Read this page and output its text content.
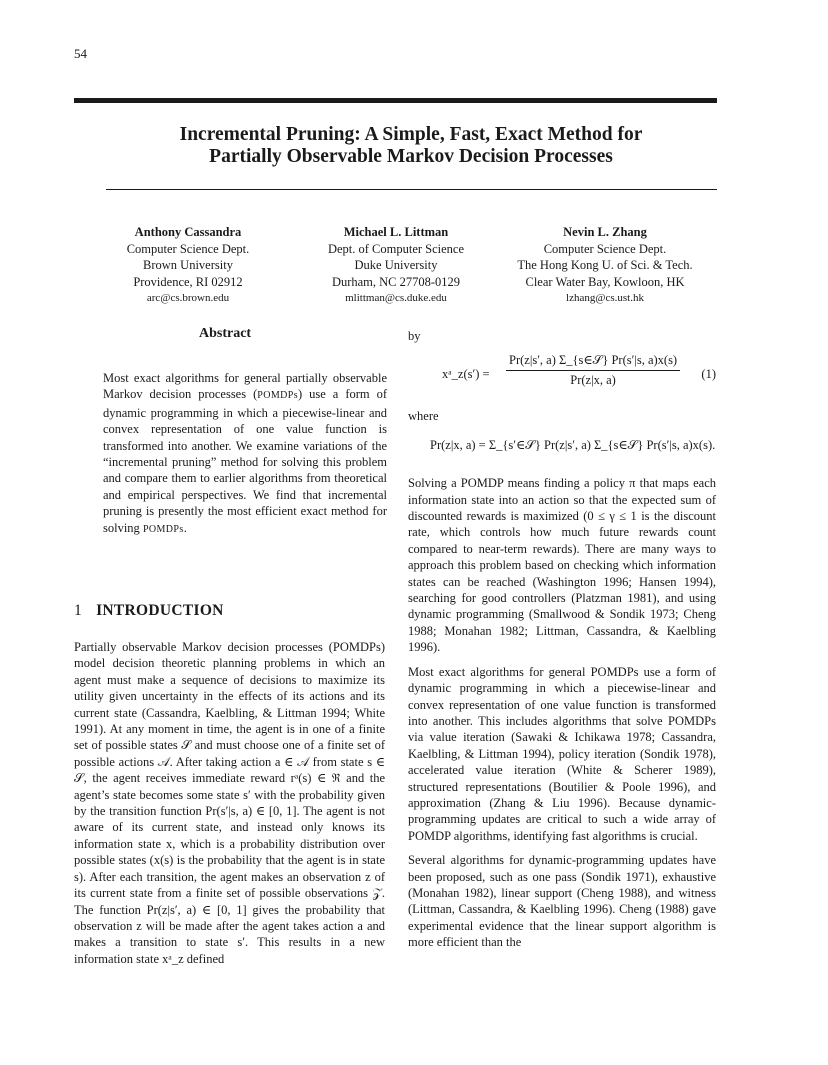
54
Incremental Pruning: A Simple, Fast, Exact Method for
Partially Observable Markov Decision Processes
Anthony Cassandra
Computer Science Dept.
Brown University
Providence, RI 02912
arc@cs.brown.edu
Michael L. Littman
Dept. of Computer Science
Duke University
Durham, NC 27708-0129
mlittman@cs.duke.edu
Nevin L. Zhang
Computer Science Dept.
The Hong Kong U. of Sci. & Tech.
Clear Water Bay, Kowloon, HK
lzhang@cs.ust.hk
Abstract

Most exact algorithms for general partially observable Markov decision processes (POMDPs) use a form of dynamic programming in which a piecewise-linear and convex representation of one value function is transformed into another. We examine variations of the “incremental pruning” method for solving this problem and compare them to earlier algorithms from theoretical and empirical perspectives. We find that incremental pruning is presently the most efficient exact method for solving POMDPs.

1 INTRODUCTION

Partially observable Markov decision processes (POMDPs) model decision theoretic planning problems in which an agent must make a sequence of decisions to maximize its utility given uncertainty in the effects of its actions and its current state (Cassandra, Kaelbling, & Littman 1994; White 1991). At any moment in time, the agent is in one of a finite set of possible states 𝒮 and must choose one of a finite set of possible actions 𝒜. After taking action a ∈ 𝒜 from state s ∈ 𝒮, the agent receives immediate reward rᵃ(s) ∈ ℜ and the agent’s state becomes some state s′ with the probability given by the transition function Pr(s′|s, a) ∈ [0, 1]. The agent is not aware of its current state, and instead only knows its information state x, which is a probability distribution over possible states (x(s) is the probability that the agent is in state s). After each transition, the agent makes an observation z of its current state from a finite set of possible observations 𝒵. The function Pr(z|s′, a) ∈ [0, 1] gives the probability that observation z will be made after the agent takes action a and makes a transition to state s′. This results in a new information state xᵃ_z defined

by

xᵃ_z(s′) =
Pr(z|s′, a) Σ_{s∈𝒮} Pr(s′|s, a)x(s)
Pr(z|x, a)	(1)

where

Pr(z|x, a) = Σ_{s′∈𝒮} Pr(z|s′, a) Σ_{s∈𝒮} Pr(s′|s, a)x(s).

Solving a POMDP means finding a policy π that maps each information state into an action so that the expected sum of discounted rewards is maximized (0 ≤ γ ≤ 1 is the discount rate, which controls how much future rewards count compared to near-term rewards). There are many ways to approach this problem based on checking which information states can be reached (Washington 1996; Hansen 1994), searching for good controllers (Platzman 1981), and using dynamic programming (Smallwood & Sondik 1973; Cheng 1988; Monahan 1982; Littman, Cassandra, & Kaelbling 1996).

Most exact algorithms for general POMDPs use a form of dynamic programming in which a piecewise-linear and convex representation of one value function is transformed into another. This includes algorithms that solve POMDPs via value iteration (Sawaki & Ichikawa 1978; Cassandra, Kaelbling, & Littman 1994), policy iteration (Sondik 1978), accelerated value iteration (White & Scherer 1989), structured representations (Boutilier & Poole 1996), and approximation (Zhang & Liu 1996). Because dynamic-programming updates are critical to such a wide array of POMDP algorithms, identifying fast algorithms is crucial.

Several algorithms for dynamic-programming updates have been proposed, such as one pass (Sondik 1971), exhaustive (Monahan 1982), linear support (Cheng 1988), and witness (Littman, Cassandra, & Kaelbling 1996). Cheng (1988) gave experimental evidence that the linear support algorithm is more efficient than the
